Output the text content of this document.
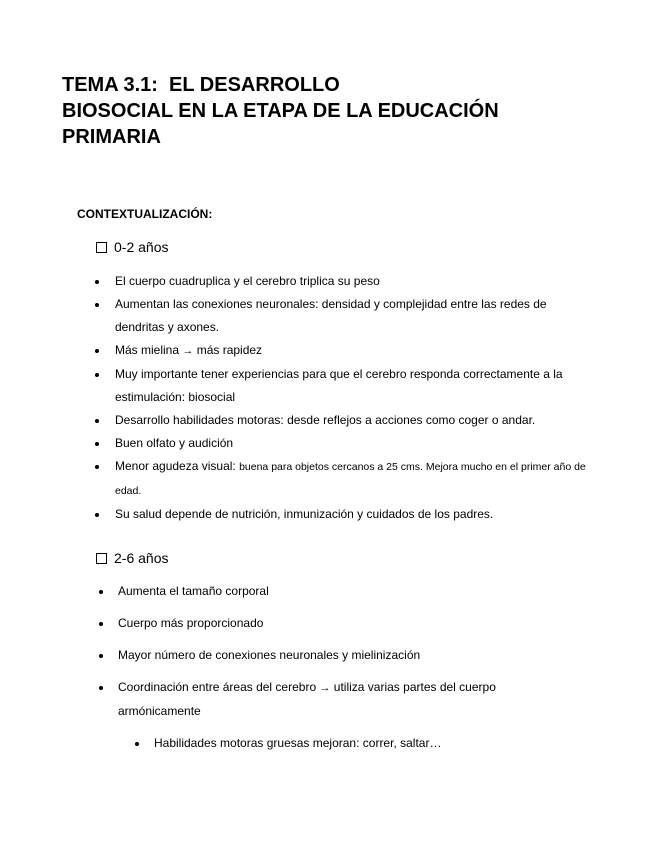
TEMA 3.1:  EL DESARROLLO
BIOSOCIAL EN LA ETAPA DE LA EDUCACIÓN
PRIMARIA
CONTEXTUALIZACIÓN:
0-2 años
El cuerpo cuadruplica y el cerebro triplica su peso
Aumentan las conexiones neuronales: densidad y complejidad entre las redes de dendritas y axones.
Más mielina → más rapidez
Muy importante tener experiencias para que el cerebro responda correctamente a la estimulación: biosocial
Desarrollo habilidades motoras: desde reflejos a acciones como coger o andar.
Buen olfato y audición
Menor agudeza visual: buena para objetos cercanos a 25 cms. Mejora mucho en el primer año de edad.
Su salud depende de nutrición, inmunización y cuidados de los padres.
2-6 años
Aumenta el tamaño corporal
Cuerpo más proporcionado
Mayor número de conexiones neuronales y mielinización
Coordinación entre áreas del cerebro → utiliza varias partes del cuerpo armónicamente
Habilidades motoras gruesas mejoran: correr, saltar…
